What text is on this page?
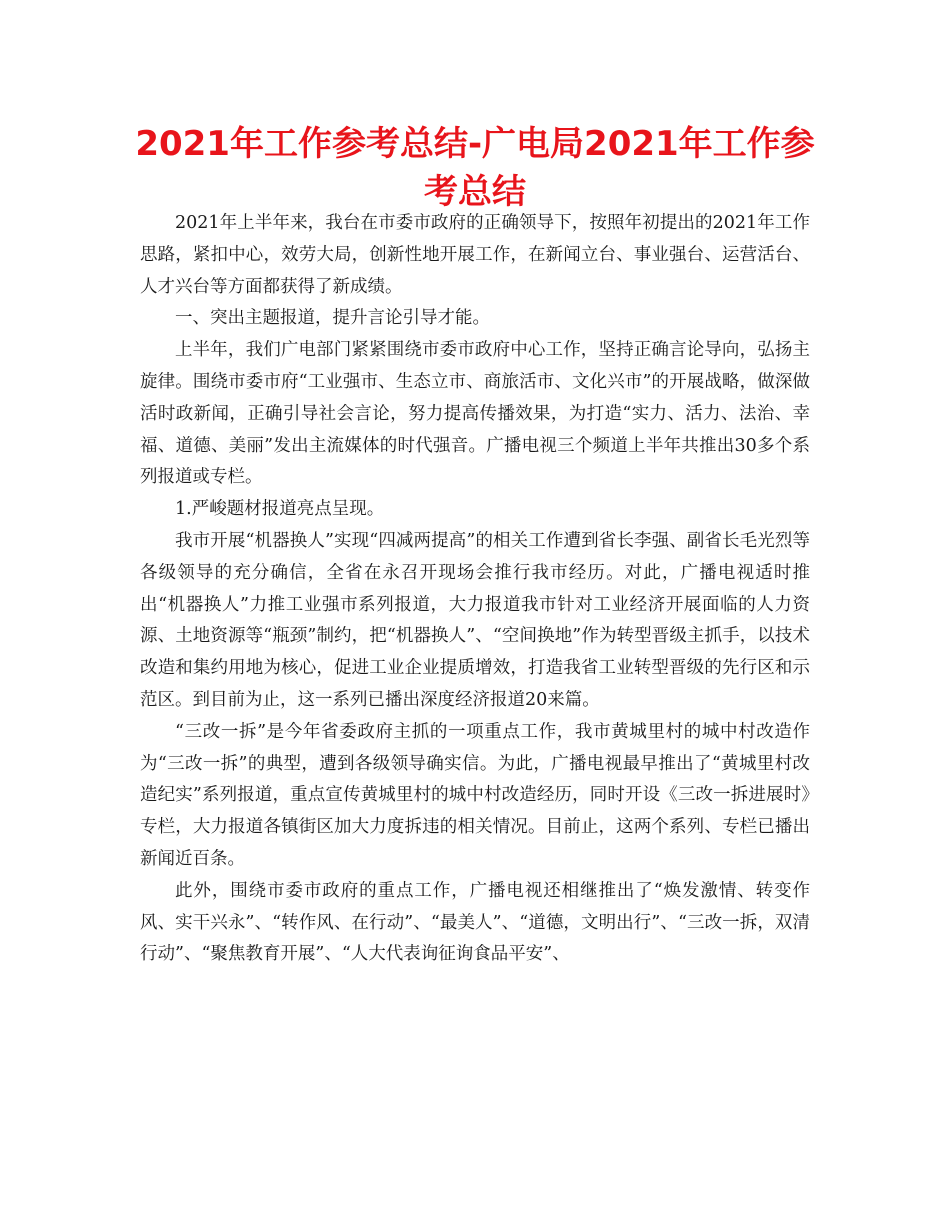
2021年工作参考总结-广电局2021年工作参考总结

2021年上半年来，我台在市委市政府的正确领导下，按照年初提出的2021年工作思路，紧扣中心，效劳大局，创新性地开展工作，在新闻立台、事业强台、运营活台、人才兴台等方面都获得了新成绩。

一、突出主题报道，提升言论引导才能。

上半年，我们广电部门紧紧围绕市委市政府中心工作，坚持正确言论导向，弘扬主旋律。围绕市委市府“工业强市、生态立市、商旅活市、文化兴市”的开展战略，做深做活时政新闻，正确引导社会言论，努力提高传播效果，为打造“实力、活力、法治、幸福、道德、美丽”发出主流媒体的时代强音。广播电视三个频道上半年共推出30多个系列报道或专栏。

1.严峻题材报道亮点呈现。

我市开展“机器换人”实现“四减两提高”的相关工作遭到省长李强、副省长毛光烈等各级领导的充分确信，全省在永召开现场会推行我市经历。对此，广播电视适时推出“机器换人”力推工业强市系列报道，大力报道我市针对工业经济开展面临的人力资源、土地资源等“瓶颈”制约，把“机器换人”、“空间换地”作为转型晋级主抓手，以技术改造和集约用地为核心，促进工业企业提质增效，打造我省工业转型晋级的先行区和示范区。到目前为止，这一系列已播出深度经济报道20来篇。

“三改一拆”是今年省委政府主抓的一项重点工作，我市黄城里村的城中村改造作为“三改一拆”的典型，遭到各级领导确实信。为此，广播电视最早推出了“黄城里村改造纪实”系列报道，重点宣传黄城里村的城中村改造经历，同时开设《三改一拆进展时》专栏，大力报道各镇街区加大力度拆违的相关情况。目前止，这两个系列、专栏已播出新闻近百条。

此外，围绕市委市政府的重点工作，广播电视还相继推出了“焕发激情、转变作风、实干兴永”、“转作风、在行动”、“最美人”、“道德，文明出行”、“三改一拆，双清行动”、“聚焦教育开展”、“人大代表询征询食品平安”、
